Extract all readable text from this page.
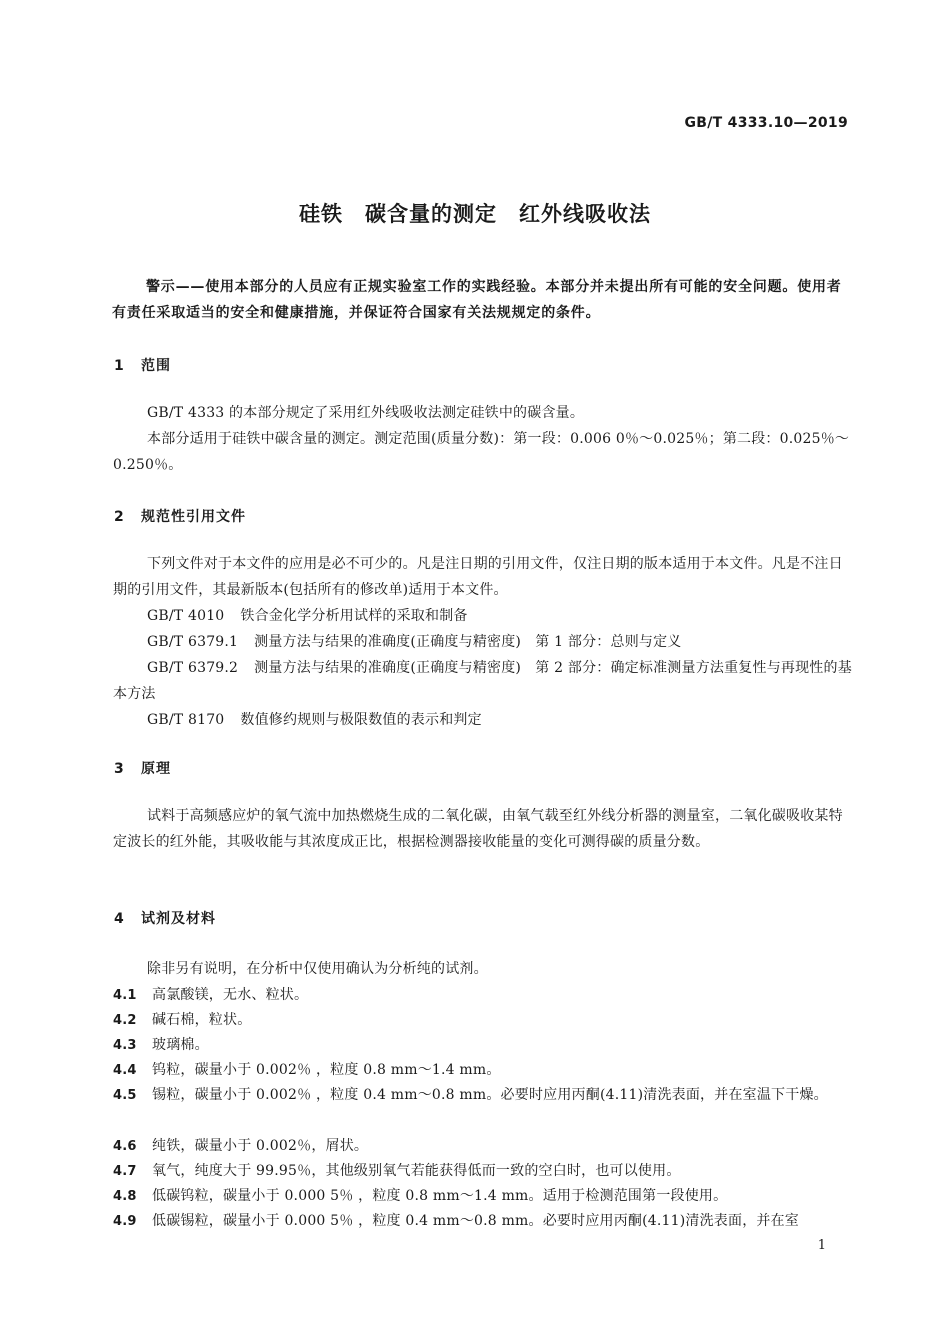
GB/T 4333.10—2019
硅铁　碳含量的测定　红外线吸收法
警示——使用本部分的人员应有正规实验室工作的实践经验。本部分并未提出所有可能的安全问题。使用者有责任采取适当的安全和健康措施，并保证符合国家有关法规规定的条件。
1 范围
GB/T 4333 的本部分规定了采用红外线吸收法测定硅铁中的碳含量。
本部分适用于硅铁中碳含量的测定。测定范围(质量分数)：第一段：0.006 0％～0.025％；第二段：0.025％～0.250％。
2 规范性引用文件
下列文件对于本文件的应用是必不可少的。凡是注日期的引用文件，仅注日期的版本适用于本文件。凡是不注日期的引用文件，其最新版本(包括所有的修改单)适用于本文件。
GB/T 4010 铁合金化学分析用试样的采取和制备
GB/T 6379.1 测量方法与结果的准确度(正确度与精密度)　第 1 部分：总则与定义
GB/T 6379.2 测量方法与结果的准确度(正确度与精密度)　第 2 部分：确定标准测量方法重复性与再现性的基本方法
GB/T 8170 数值修约规则与极限数值的表示和判定
3 原理
试料于高频感应炉的氧气流中加热燃烧生成的二氧化碳，由氧气载至红外线分析器的测量室，二氧化碳吸收某特定波长的红外能，其吸收能与其浓度成正比，根据检测器接收能量的变化可测得碳的质量分数。
4 试剂及材料
除非另有说明，在分析中仅使用确认为分析纯的试剂。
4.1 高氯酸镁，无水、粒状。
4.2 碱石棉，粒状。
4.3 玻璃棉。
4.4 钨粒，碳量小于 0.002％ ，粒度 0.8 mm～1.4 mm。
4.5 锡粒，碳量小于 0.002％ ，粒度 0.4 mm～0.8 mm。必要时应用丙酮(4.11)清洗表面，并在室温下干燥。
4.6 纯铁，碳量小于 0.002％，屑状。
4.7 氧气，纯度大于 99.95％，其他级别氧气若能获得低而一致的空白时，也可以使用。
4.8 低碳钨粒，碳量小于 0.000 5％ ，粒度 0.8 mm～1.4 mm。适用于检测范围第一段使用。
4.9 低碳锡粒，碳量小于 0.000 5％ ，粒度 0.4 mm～0.8 mm。必要时应用丙酮(4.11)清洗表面，并在室
1
